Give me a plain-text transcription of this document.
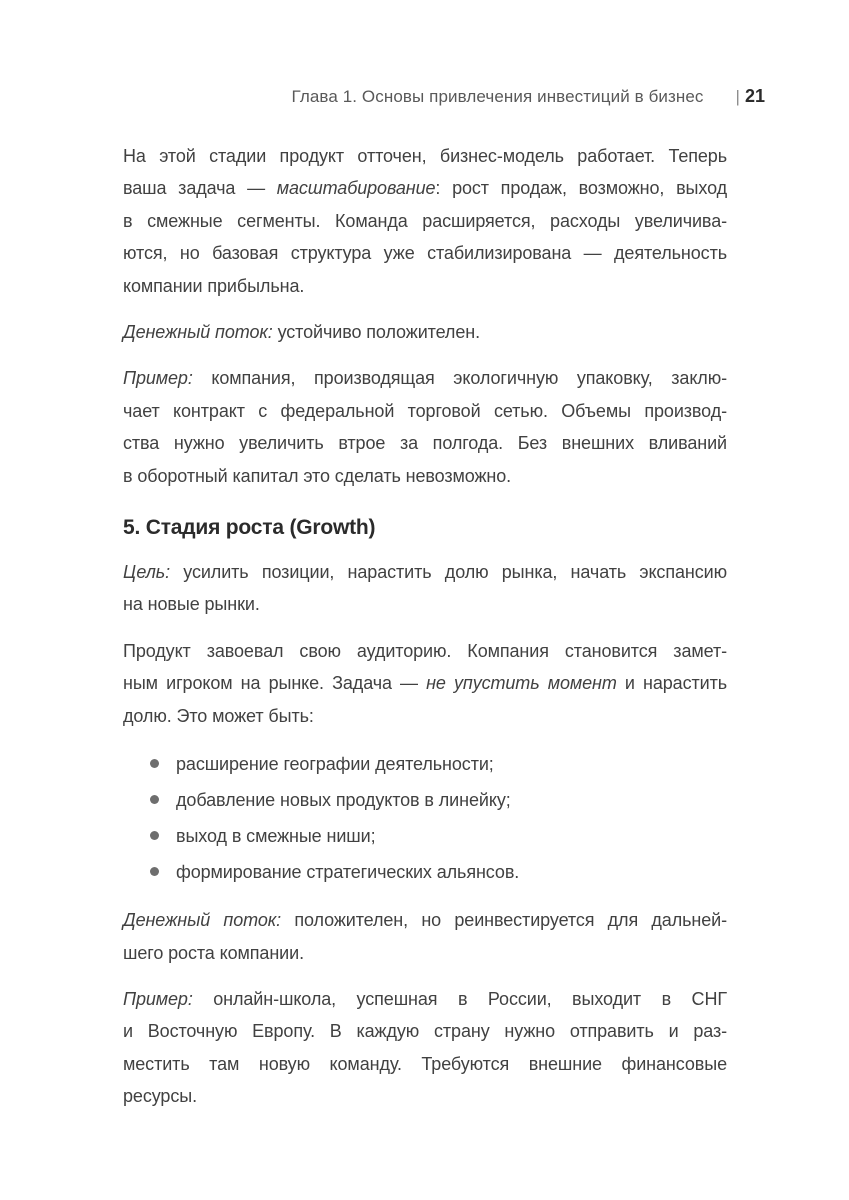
Глава 1. Основы привлечения инвестиций в бизнес | 21
На этой стадии продукт отточен, бизнес-модель работает. Теперь
ваша задача — масштабирование: рост продаж, возможно, выход
в смежные сегменты. Команда расширяется, расходы увеличива-
ются, но базовая структура уже стабилизирована — деятельность
компании прибыльна.
Денежный поток: устойчиво положителен.
Пример: компания, производящая экологичную упаковку, заклю-
чает контракт с федеральной торговой сетью. Объемы производ-
ства нужно увеличить втрое за полгода. Без внешних вливаний
в оборотный капитал это сделать невозможно.
5. Стадия роста (Growth)
Цель: усилить позиции, нарастить долю рынка, начать экспансию
на новые рынки.
Продукт завоевал свою аудиторию. Компания становится замет-
ным игроком на рынке. Задача — не упустить момент и нарастить
долю. Это может быть:
расширение географии деятельности;
добавление новых продуктов в линейку;
выход в смежные ниши;
формирование стратегических альянсов.
Денежный поток: положителен, но реинвестируется для дальней-
шего роста компании.
Пример: онлайн-школа, успешная в России, выходит в СНГ
и Восточную Европу. В каждую страну нужно отправить и раз-
местить там новую команду. Требуются внешние финансовые
ресурсы.
